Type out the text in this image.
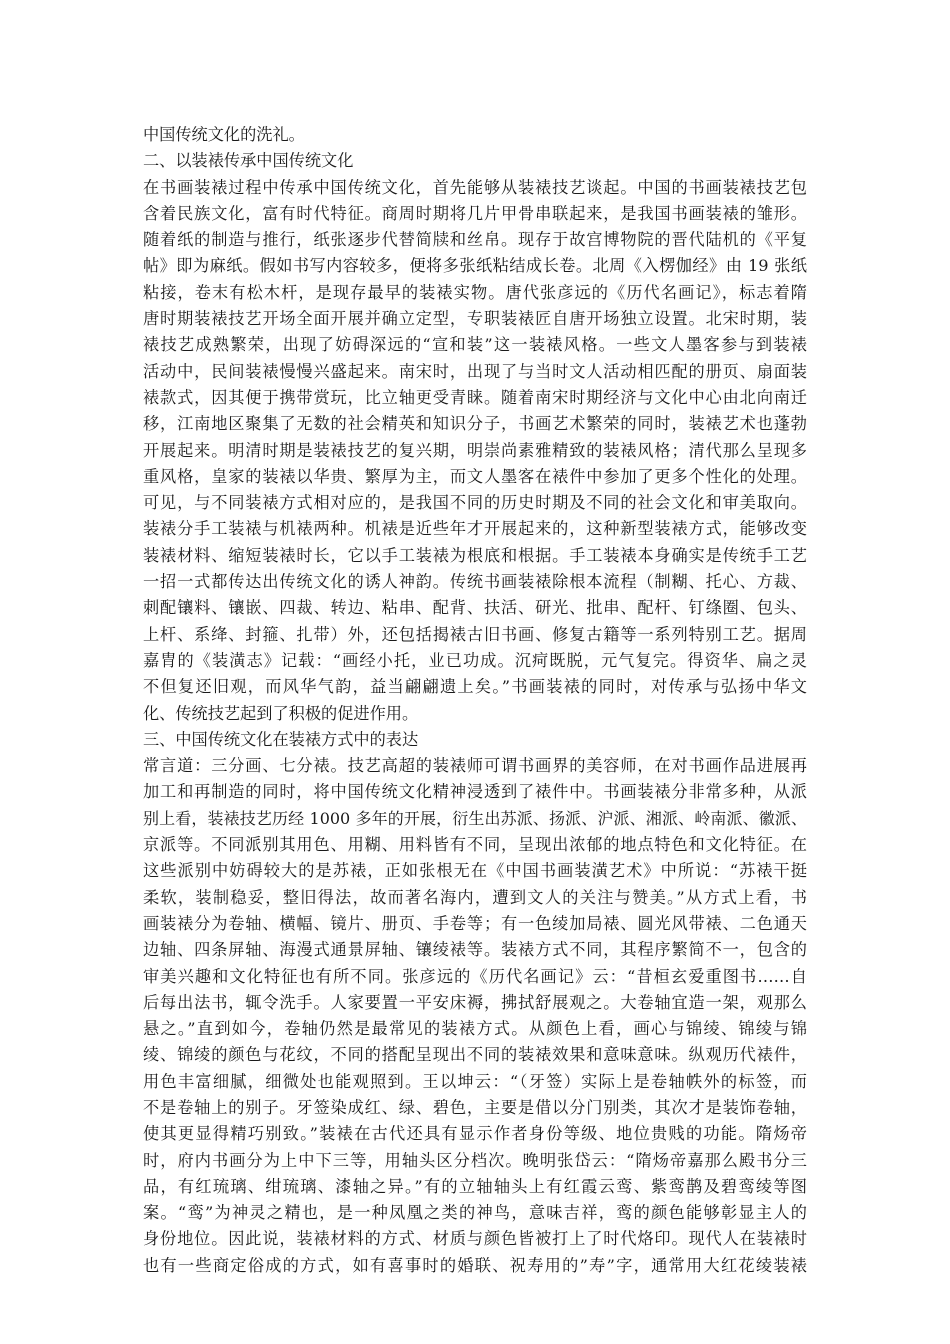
中国传统文化的洗礼。
二、以装裱传承中国传统文化
在书画装裱过程中传承中国传统文化，首先能够从装裱技艺谈起。中国的书画装裱技艺包
含着民族文化，富有时代特征。商周时期将几片甲骨串联起来，是我国书画装裱的雏形。
随着纸的制造与推行，纸张逐步代替简牍和丝帛。现存于故宫博物院的晋代陆机的《平复
帖》即为麻纸。假如书写内容较多，便将多张纸粘结成长卷。北周《入楞伽经》由 19 张纸
粘接，卷末有松木杆，是现存最早的装裱实物。唐代张彦远的《历代名画记》，标志着隋
唐时期装裱技艺开场全面开展并确立定型，专职装裱匠自唐开场独立设置。北宋时期，装
裱技艺成熟繁荣，出现了妨碍深远的“宣和装”这一装裱风格。一些文人墨客参与到装裱
活动中，民间装裱慢慢兴盛起来。南宋时，出现了与当时文人活动相匹配的册页、扇面装
裱款式，因其便于携带赏玩，比立轴更受青睐。随着南宋时期经济与文化中心由北向南迁
移，江南地区聚集了无数的社会精英和知识分子，书画艺术繁荣的同时，装裱艺术也蓬勃
开展起来。明清时期是装裱技艺的复兴期，明崇尚素雅精致的装裱风格；清代那么呈现多
重风格，皇家的装裱以华贵、繁厚为主，而文人墨客在裱件中参加了更多个性化的处理。
可见，与不同装裱方式相对应的，是我国不同的历史时期及不同的社会文化和审美取向。
装裱分手工装裱与机裱两种。机裱是近些年才开展起来的，这种新型装裱方式，能够改变
装裱材料、缩短装裱时长，它以手工装裱为根底和根据。手工装裱本身确实是传统手工艺
一招一式都传达出传统文化的诱人神韵。传统书画装裱除根本流程（制糊、托心、方裁、
刺配镶料、镶嵌、四裁、转边、粘串、配背、扶活、研光、批串、配杆、钉绦圈、包头、
上杆、系绛、封箍、扎带）外，还包括揭裱古旧书画、修复古籍等一系列特别工艺。据周
嘉胄的《装潢志》记载：“画经小托，业已功成。沉疴既脱，元气复完。得资华、扁之灵
不但复还旧观，而风华气韵，益当翩翩遗上矣。”书画装裱的同时，对传承与弘扬中华文
化、传统技艺起到了积极的促进作用。
三、中国传统文化在装裱方式中的表达
常言道：三分画、七分裱。技艺高超的装裱师可谓书画界的美容师，在对书画作品进展再
加工和再制造的同时，将中国传统文化精神浸透到了裱件中。书画装裱分非常多种，从派
别上看，装裱技艺历经 1000 多年的开展，衍生出苏派、扬派、沪派、湘派、岭南派、徽派、
京派等。不同派别其用色、用糊、用料皆有不同，呈现出浓郁的地点特色和文化特征。在
这些派别中妨碍较大的是苏裱，正如张根无在《中国书画装潢艺术》中所说：“苏裱干挺
柔软，装制稳妥，整旧得法，故而著名海内，遭到文人的关注与赞美。”从方式上看，书
画装裱分为卷轴、横幅、镜片、册页、手卷等；有一色绫加局裱、圆光风带裱、二色通天
边轴、四条屏轴、海漫式通景屏轴、镶绫裱等。装裱方式不同，其程序繁简不一，包含的
审美兴趣和文化特征也有所不同。张彦远的《历代名画记》云：“昔桓玄爱重图书……自
后每出法书，辄令洗手。人家要置一平安床褥，拂拭舒展观之。大卷轴宜造一架，观那么
悬之。”直到如今，卷轴仍然是最常见的装裱方式。从颜色上看，画心与锦绫、锦绫与锦
绫、锦绫的颜色与花纹，不同的搭配呈现出不同的装裱效果和意味意味。纵观历代裱件，
用色丰富细腻，细微处也能观照到。王以坤云：“（牙签）实际上是卷轴帙外的标签，而
不是卷轴上的别子。牙签染成红、绿、碧色，主要是借以分门别类，其次才是装饰卷轴，
使其更显得精巧别致。”装裱在古代还具有显示作者身份等级、地位贵贱的功能。隋炀帝
时，府内书画分为上中下三等，用轴头区分档次。晚明张岱云：“隋炀帝嘉那么殿书分三
品，有红琉璃、绀琉璃、漆轴之异。”有的立轴轴头上有红霞云鸾、紫鸾鹊及碧鸾绫等图
案。“鸾”为神灵之精也，是一种凤凰之类的神鸟，意味吉祥，鸾的颜色能够彰显主人的
身份地位。因此说，装裱材料的方式、材质与颜色皆被打上了时代烙印。现代人在装裱时
也有一些商定俗成的方式，如有喜事时的婚联、祝寿用的”寿”字，通常用大红花绫装裱
